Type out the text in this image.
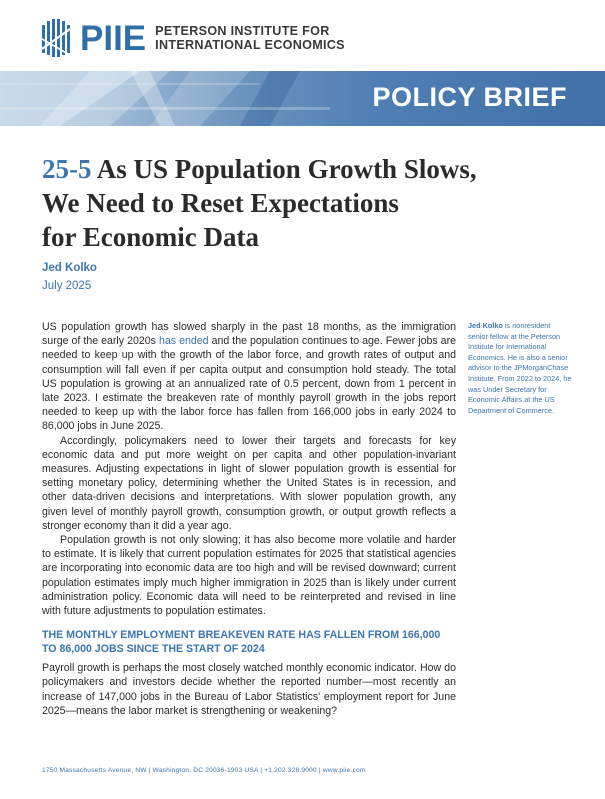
PIIE PETERSON INSTITUTE FOR
INTERNATIONAL ECONOMICS
POLICY BRIEF
25-5 As US Population Growth Slows,
We Need to Reset Expectations
for Economic Data
Jed Kolko
July 2025

US population growth has slowed sharply in the past 18 months, as the immigration surge of the early 2020s has ended and the population continues to age. Fewer jobs are needed to keep up with the growth of the labor force, and growth rates of output and consumption will fall even if per capita output and consumption hold steady. The total US population is growing at an annualized rate of 0.5 percent, down from 1 percent in late 2023. I estimate the breakeven rate of monthly payroll growth in the jobs report needed to keep up with the labor force has fallen from 166,000 jobs in early 2024 to 86,000 jobs in June 2025.

Accordingly, policymakers need to lower their targets and forecasts for key economic data and put more weight on per capita and other population-invariant measures. Adjusting expectations in light of slower population growth is essential for setting monetary policy, determining whether the United States is in recession, and other data-driven decisions and interpretations. With slower population growth, any given level of monthly payroll growth, consumption growth, or output growth reflects a stronger economy than it did a year ago.

Population growth is not only slowing; it has also become more volatile and harder to estimate. It is likely that current population estimates for 2025 that statistical agencies are incorporating into economic data are too high and will be revised downward; current population estimates imply much higher immigration in 2025 than is likely under current administration policy. Economic data will need to be reinterpreted and revised in line with future adjustments to population estimates.

THE MONTHLY EMPLOYMENT BREAKEVEN RATE HAS FALLEN FROM 166,000 TO 86,000 JOBS SINCE THE START OF 2024

Payroll growth is perhaps the most closely watched monthly economic indicator. How do policymakers and investors decide whether the reported number—most recently an increase of 147,000 jobs in the Bureau of Labor Statistics' employment report for June 2025—means the labor market is strengthening or weakening?

Jed Kolko is nonresident senior fellow at the Peterson Institute for International Economics. He is also a senior advisor to the JPMorganChase Institute. From 2022 to 2024, he was Under Secretary for Economic Affairs at the US Department of Commerce.
1750 Massachusetts Avenue, NW | Washington, DC 20036-1903 USA | +1.202.328.9000 | www.piie.com
